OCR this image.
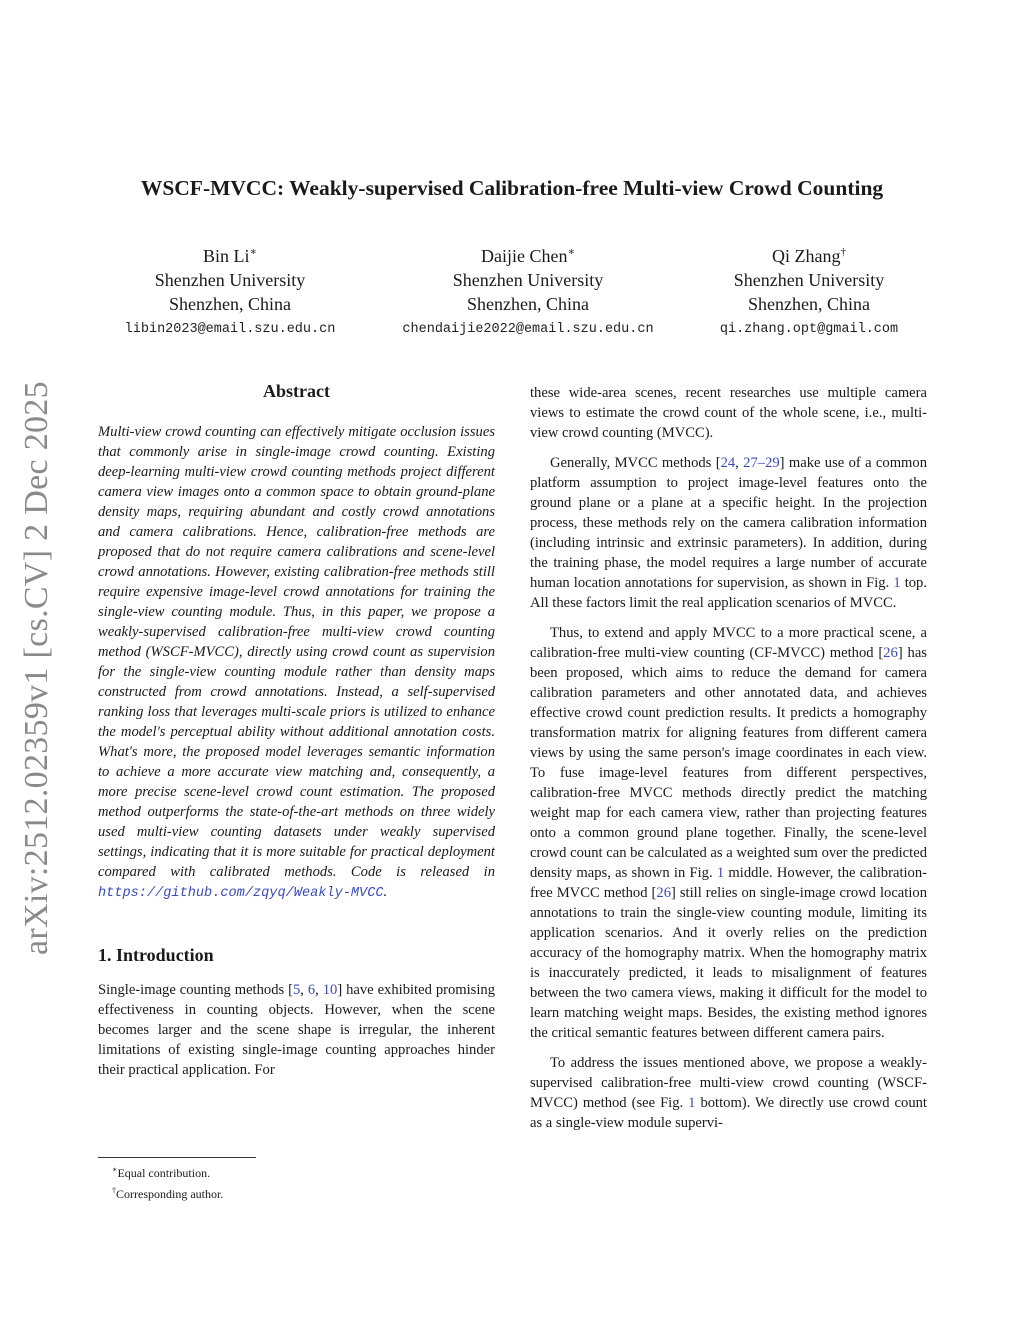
arXiv:2512.02359v1 [cs.CV] 2 Dec 2025
WSCF-MVCC: Weakly-supervised Calibration-free Multi-view Crowd Counting
Bin Li∗
Shenzhen University
Shenzhen, China
libin2023@email.szu.edu.cn
Daijie Chen∗
Shenzhen University
Shenzhen, China
chendaijie2022@email.szu.edu.cn
Qi Zhang†
Shenzhen University
Shenzhen, China
qi.zhang.opt@gmail.com
Abstract

Multi-view crowd counting can effectively mitigate occlusion issues that commonly arise in single-image crowd counting. Existing deep-learning multi-view crowd counting methods project different camera view images onto a common space to obtain ground-plane density maps, requiring abundant and costly crowd annotations and camera calibrations. Hence, calibration-free methods are proposed that do not require camera calibrations and scene-level crowd annotations. However, existing calibration-free methods still require expensive image-level crowd annotations for training the single-view counting module. Thus, in this paper, we propose a weakly-supervised calibration-free multi-view crowd counting method (WSCF-MVCC), directly using crowd count as supervision for the single-view counting module rather than density maps constructed from crowd annotations. Instead, a self-supervised ranking loss that leverages multi-scale priors is utilized to enhance the model's perceptual ability without additional annotation costs. What's more, the proposed model leverages semantic information to achieve a more accurate view matching and, consequently, a more precise scene-level crowd count estimation. The proposed method outperforms the state-of-the-art methods on three widely used multi-view counting datasets under weakly supervised settings, indicating that it is more suitable for practical deployment compared with calibrated methods. Code is released in https://github.com/zqyq/Weakly-MVCC.

1. Introduction

Single-image counting methods [5, 6, 10] have exhibited promising effectiveness in counting objects. However, when the scene becomes larger and the scene shape is irregular, the inherent limitations of existing single-image counting approaches hinder their practical application. For

∗Equal contribution.
†Corresponding author.

these wide-area scenes, recent researches use multiple camera views to estimate the crowd count of the whole scene, i.e., multi-view crowd counting (MVCC).

Generally, MVCC methods [24, 27–29] make use of a common platform assumption to project image-level features onto the ground plane or a plane at a specific height. In the projection process, these methods rely on the camera calibration information (including intrinsic and extrinsic parameters). In addition, during the training phase, the model requires a large number of accurate human location annotations for supervision, as shown in Fig. 1 top. All these factors limit the real application scenarios of MVCC.

Thus, to extend and apply MVCC to a more practical scene, a calibration-free multi-view counting (CF-MVCC) method [26] has been proposed, which aims to reduce the demand for camera calibration parameters and other annotated data, and achieves effective crowd count prediction results. It predicts a homography transformation matrix for aligning features from different camera views by using the same person's image coordinates in each view. To fuse image-level features from different perspectives, calibration-free MVCC methods directly predict the matching weight map for each camera view, rather than projecting features onto a common ground plane together. Finally, the scene-level crowd count can be calculated as a weighted sum over the predicted density maps, as shown in Fig. 1 middle. However, the calibration-free MVCC method [26] still relies on single-image crowd location annotations to train the single-view counting module, limiting its application scenarios. And it overly relies on the prediction accuracy of the homography matrix. When the homography matrix is inaccurately predicted, it leads to misalignment of features between the two camera views, making it difficult for the model to learn matching weight maps. Besides, the existing method ignores the critical semantic features between different camera pairs.

To address the issues mentioned above, we propose a weakly-supervised calibration-free multi-view crowd counting (WSCF-MVCC) method (see Fig. 1 bottom). We directly use crowd count as a single-view module supervi-
